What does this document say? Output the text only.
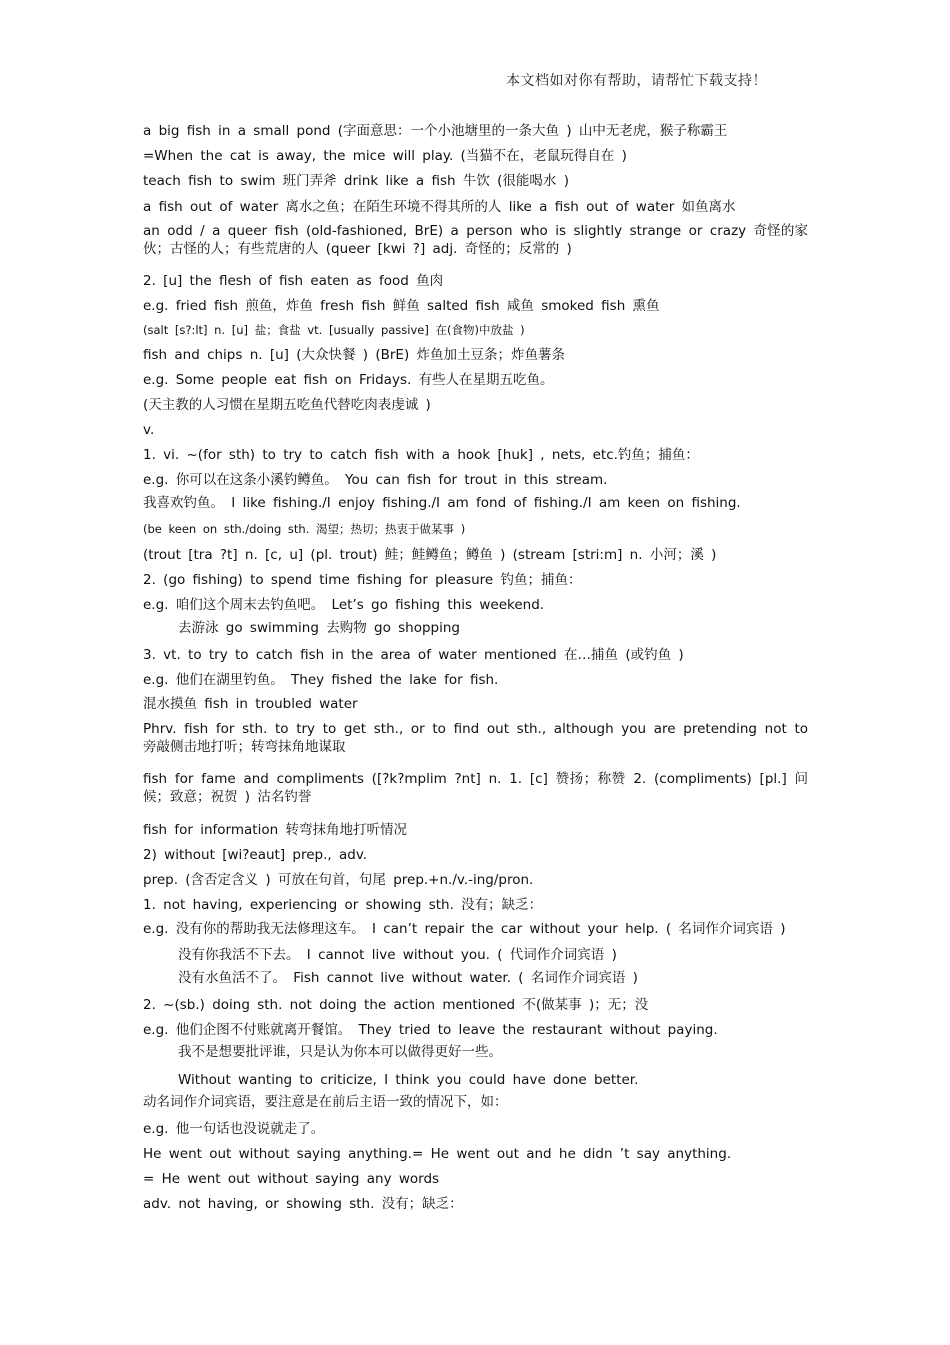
本文档如对你有帮助，请帮忙下载支持！
a big fish in a small pond (字面意思：一个小池塘里的一条大鱼 ) 山中无老虎，猴子称霸王
=When the cat is away, the mice will play. (当猫不在，老鼠玩得自在 )
teach fish to swim 班门弄斧 drink like a fish 牛饮 (很能喝水 )
a fish out of water 离水之鱼；在陌生环境不得其所的人 like a fish out of water 如鱼离水
an odd / a queer fish (old-fashioned, BrE) a person who is slightly strange or crazy 奇怪的家伙；古怪的人；有些荒唐的人 (queer [kwi ?] adj. 奇怪的；反常的 )
2. [u] the flesh of fish eaten as food 鱼肉
e.g. fried fish 煎鱼，炸鱼 fresh fish 鲜鱼 salted fish 咸鱼 smoked fish 熏鱼
(salt [s?:lt] n. [u] 盐；食盐 vt. [usually passive] 在(食物)中放盐 )
fish and chips n. [u] (大众快餐 ) (BrE) 炸鱼加土豆条；炸鱼薯条
e.g. Some people eat fish on Fridays. 有些人在星期五吃鱼。
(天主教的人习惯在星期五吃鱼代替吃肉表虔诚 )
v.
1. vi. ~(for sth) to try to catch fish with a hook [huk] , nets, etc.钓鱼；捕鱼：
e.g. 你可以在这条小溪钓鳟鱼。 You can fish for trout in this stream.
我喜欢钓鱼。 I like fishing./I enjoy fishing./I am fond of fishing./I am keen on fishing.
(be keen on sth./doing sth. 渴望；热切；热衷于做某事 )
(trout [tra ?t] n. [c, u] (pl. trout) 鲑；鲑鳟鱼；鳟鱼 ) (stream [stri:m] n. 小河；溪 )
2. (go fishing) to spend time fishing for pleasure 钓鱼；捕鱼：
e.g. 咱们这个周末去钓鱼吧。 Let’s go fishing this weekend.
去游泳 go swimming 去购物 go shopping
3. vt. to try to catch fish in the area of water mentioned 在…捕鱼 (或钓鱼 )
e.g. 他们在湖里钓鱼。 They fished the lake for fish.
混水摸鱼 fish in troubled water
Phrv. fish for sth. to try to get sth., or to find out sth., although you are pretending not to 旁敲侧击地打听；转弯抹角地谋取
fish for fame and compliments ([?k?mplim ?nt] n. 1. [c] 赞扬；称赞 2. (compliments) [pl.] 问候；致意；祝贺 ) 沽名钓誉
fish for information 转弯抹角地打听情况
2) without [wi?eaut] prep., adv.
prep. (含否定含义 ) 可放在句首，句尾 prep.+n./v.-ing/pron.
1. not having, experiencing or showing sth. 没有；缺乏：
e.g. 没有你的帮助我无法修理这车。 I can’t repair the car without your help. ( 名词作介词宾语 )
没有你我活不下去。 I cannot live without you. ( 代词作介词宾语 )
没有水鱼活不了。 Fish cannot live without water. ( 名词作介词宾语 )
2. ~(sb.) doing sth. not doing the action mentioned 不(做某事 )；无；没
e.g. 他们企图不付账就离开餐馆。 They tried to leave the restaurant without paying.
我不是想要批评谁，只是认为你本可以做得更好一些。
Without wanting to criticize, I think you could have done better.
动名词作介词宾语，要注意是在前后主语一致的情况下，如：
e.g. 他一句话也没说就走了。
He went out without saying anything.= He went out and he didn ’t say anything.
= He went out without saying any words
adv. not having, or showing sth. 没有；缺乏：
